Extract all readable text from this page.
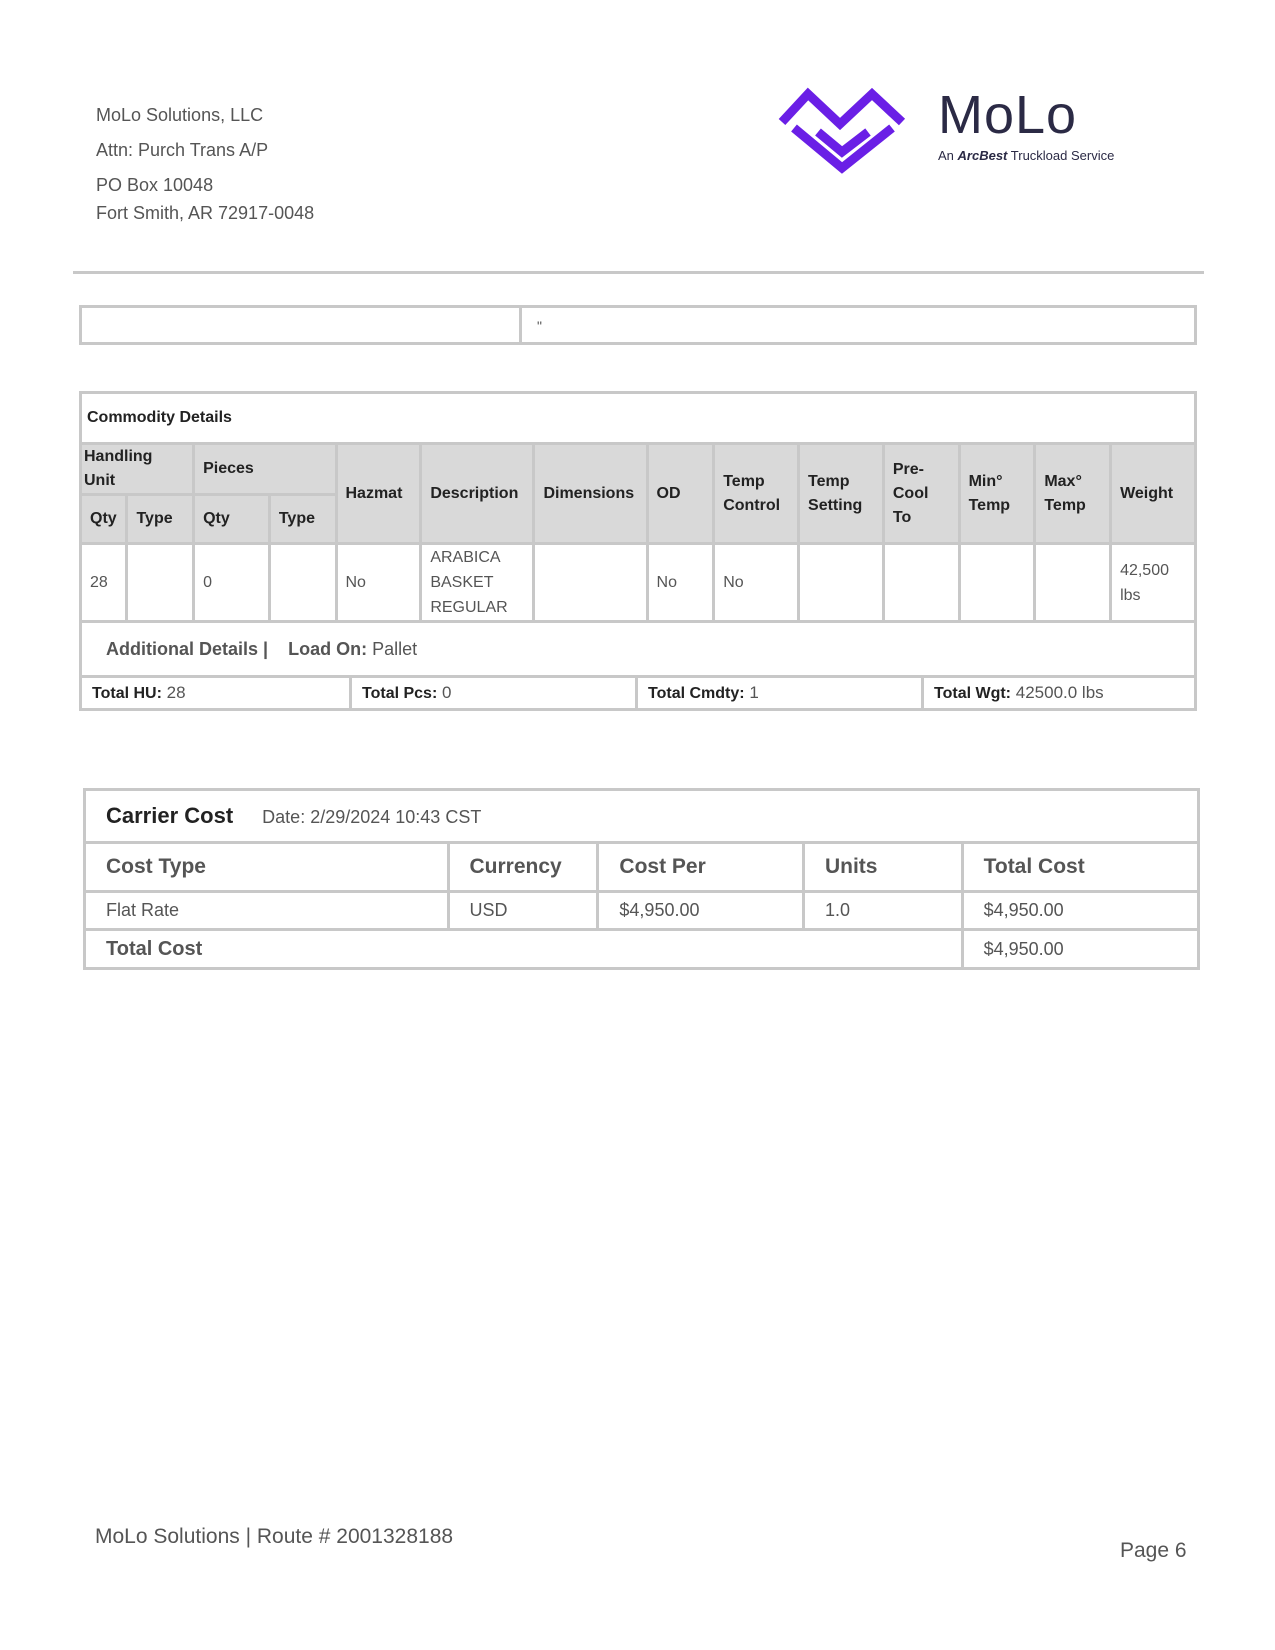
MoLo Solutions, LLC
Attn: Purch Trans A/P
PO Box 10048
Fort Smith, AR 72917-0048
MoLo
An ArcBest Truckload Service
"
Commodity Details													
Handling Unit		Pieces		Hazmat	Description	Dimensions	OD	Temp Control	Temp Setting	Pre-Cool To	Min° Temp	Max° Temp	Weight
Qty	Type	Qty	Type										
28		0		No	ARABICA BASKET REGULAR		No	No					42,500 lbs
Additional Details | Load On: Pallet													

Total HU: 28 Total Pcs: 0 Total Cmdty: 1 Total Wgt: 42500.0 lbs													
Carrier Cost Date: 2/29/2024 10:43 CST				
Cost Type	Currency	Cost Per	Units	Total Cost
Flat Rate	USD	$4,950.00	1.0	$4,950.00
Total Cost				$4,950.00
MoLo Solutions | Route # 2001328188
Page 6
